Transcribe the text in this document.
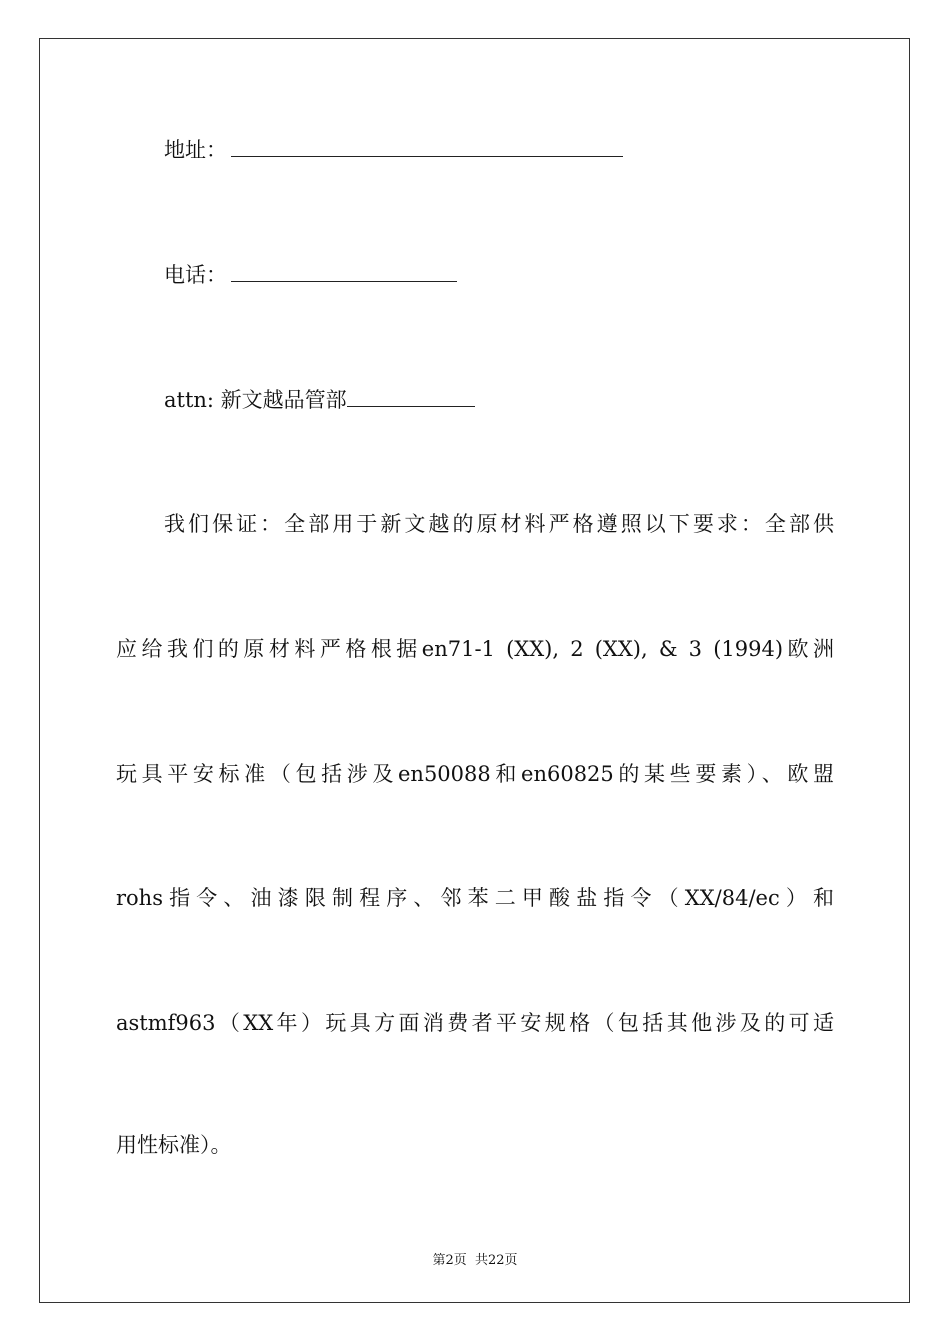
地址：
电话：
attn: 新文越品管部
我们保证：全部用于新文越的原材料严格遵照以下要求：全部供
应给我们的原材料严格根据en71-1 (XX), 2 (XX), & 3 (1994)欧洲
玩具平安标准（包括涉及en50088和en60825的某些要素）、欧盟
rohs指令、油漆限制程序、邻苯二甲酸盐指令（XX/84/ec）和
astmf963（XX年）玩具方面消费者平安规格（包括其他涉及的可适
用性标准）。
第2页 共22页
